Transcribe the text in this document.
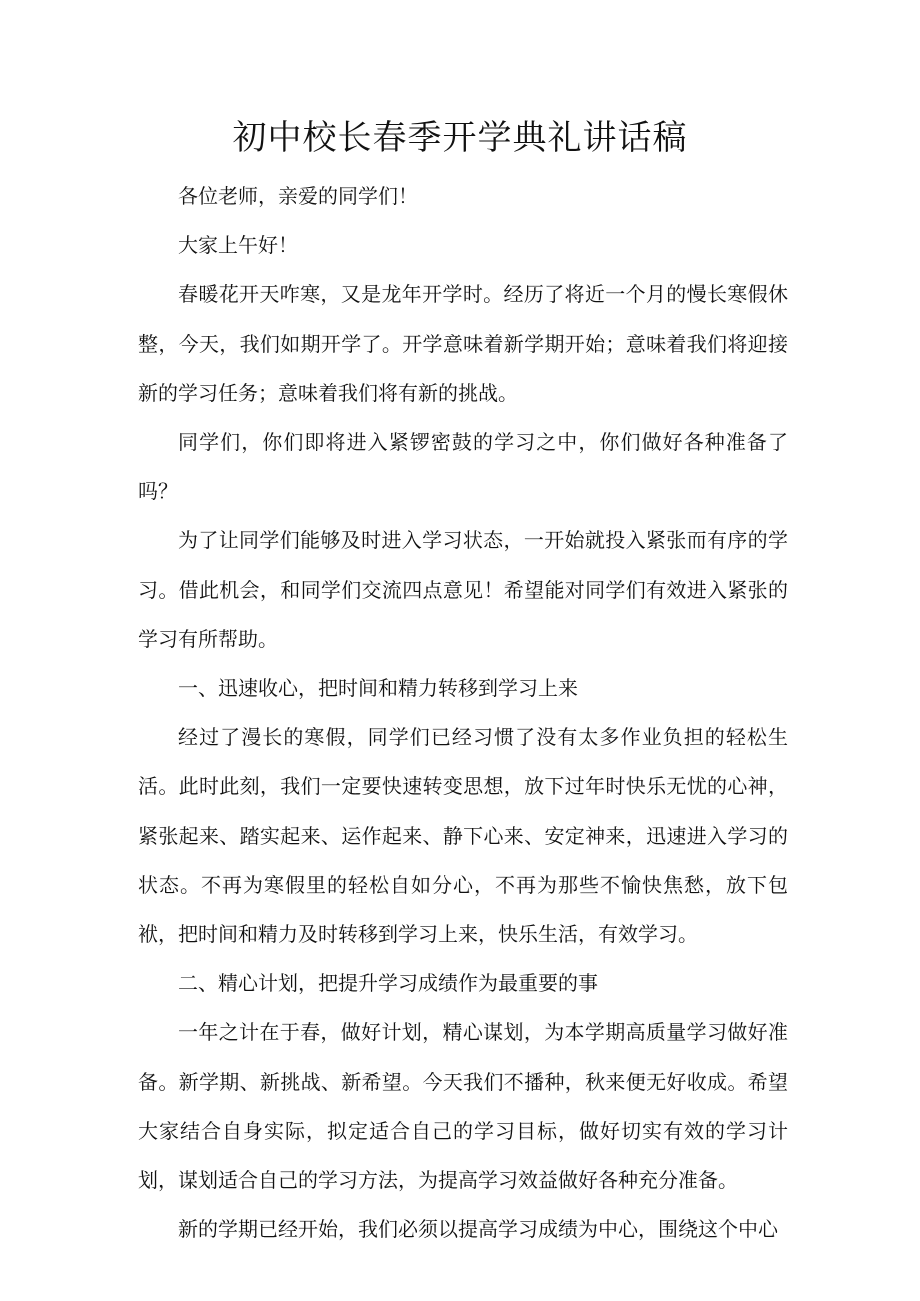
初中校长春季开学典礼讲话稿

各位老师，亲爱的同学们！

大家上午好！

春暖花开天咋寒，又是龙年开学时。经历了将近一个月的慢长寒假休整，今天，我们如期开学了。开学意味着新学期开始；意味着我们将迎接新的学习任务；意味着我们将有新的挑战。

同学们，你们即将进入紧锣密鼓的学习之中，你们做好各种准备了吗？

为了让同学们能够及时进入学习状态，一开始就投入紧张而有序的学习。借此机会，和同学们交流四点意见！希望能对同学们有效进入紧张的学习有所帮助。

一、迅速收心，把时间和精力转移到学习上来

经过了漫长的寒假，同学们已经习惯了没有太多作业负担的轻松生活。此时此刻，我们一定要快速转变思想，放下过年时快乐无忧的心神，紧张起来、踏实起来、运作起来、静下心来、安定神来，迅速进入学习的状态。不再为寒假里的轻松自如分心，不再为那些不愉快焦愁，放下包袱，把时间和精力及时转移到学习上来，快乐生活，有效学习。

二、精心计划，把提升学习成绩作为最重要的事

一年之计在于春，做好计划，精心谋划，为本学期高质量学习做好准备。新学期、新挑战、新希望。今天我们不播种，秋来便无好收成。希望大家结合自身实际，拟定适合自己的学习目标，做好切实有效的学习计划，谋划适合自己的学习方法，为提高学习效益做好各种充分准备。

新的学期已经开始，我们必须以提高学习成绩为中心，围绕这个中心
